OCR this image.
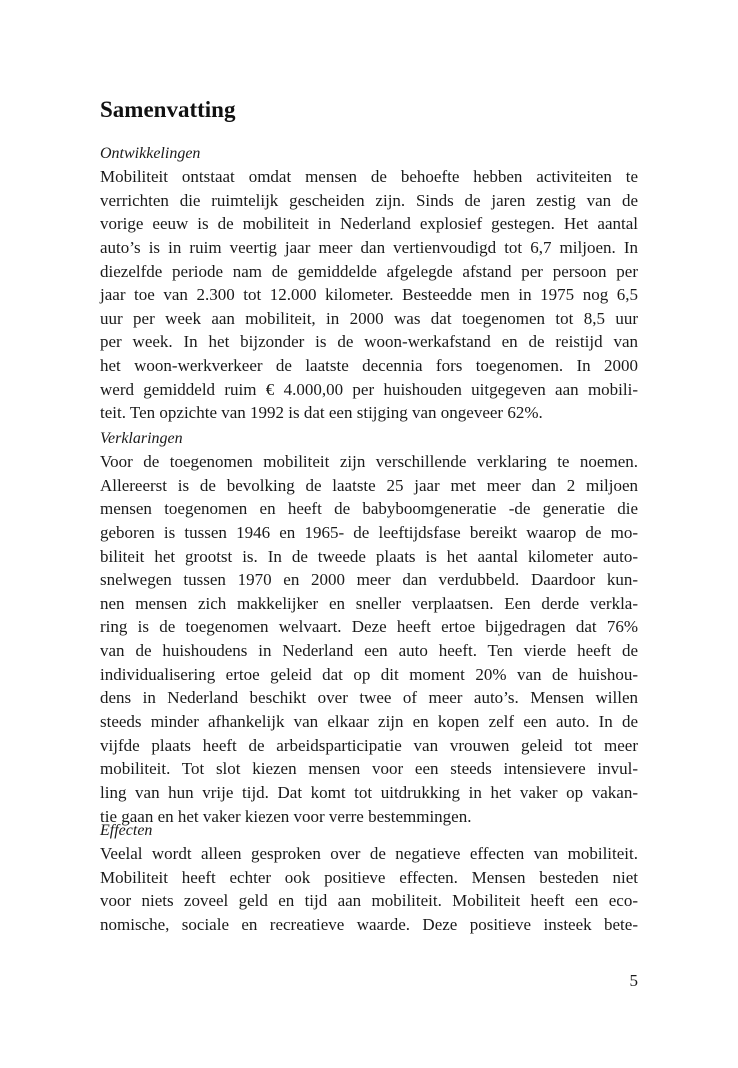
Samenvatting
Ontwikkelingen
Mobiliteit ontstaat omdat mensen de behoefte hebben activiteiten te
verrichten die ruimtelijk gescheiden zijn. Sinds de jaren zestig van de
vorige eeuw is de mobiliteit in Nederland explosief gestegen. Het aantal
auto’s is in ruim veertig jaar meer dan vertienvoudigd tot 6,7 miljoen. In
diezelfde periode nam de gemiddelde afgelegde afstand per persoon per
jaar toe van 2.300 tot 12.000 kilometer. Besteedde men in 1975 nog 6,5
uur per week aan mobiliteit, in 2000 was dat toegenomen tot 8,5 uur
per week. In het bijzonder is de woon-werkafstand en de reistijd van
het woon-werkverkeer de laatste decennia fors toegenomen. In 2000
werd gemiddeld ruim € 4.000,00 per huishouden uitgegeven aan mobili-
teit. Ten opzichte van 1992 is dat een stijging van ongeveer 62%.
Verklaringen
Voor de toegenomen mobiliteit zijn verschillende verklaring te noemen.
Allereerst is de bevolking de laatste 25 jaar met meer dan 2 miljoen
mensen toegenomen en heeft de babyboomgeneratie -de generatie die
geboren is tussen 1946 en 1965- de leeftijdsfase bereikt waarop de mo-
biliteit het grootst is. In de tweede plaats is het aantal kilometer auto-
snelwegen tussen 1970 en 2000 meer dan verdubbeld. Daardoor kun-
nen mensen zich makkelijker en sneller verplaatsen. Een derde verkla-
ring is de toegenomen welvaart. Deze heeft ertoe bijgedragen dat 76%
van de huishoudens in Nederland een auto heeft. Ten vierde heeft de
individualisering ertoe geleid dat op dit moment 20% van de huishou-
dens in Nederland beschikt over twee of meer auto’s. Mensen willen
steeds minder afhankelijk van elkaar zijn en kopen zelf een auto. In de
vijfde plaats heeft de arbeidsparticipatie van vrouwen geleid tot meer
mobiliteit. Tot slot kiezen mensen voor een steeds intensievere invul-
ling van hun vrije tijd. Dat komt tot uitdrukking in het vaker op vakan-
tie gaan en het vaker kiezen voor verre bestemmingen.
Effecten
Veelal wordt alleen gesproken over de negatieve effecten van mobiliteit.
Mobiliteit heeft echter ook positieve effecten. Mensen besteden niet
voor niets zoveel geld en tijd aan mobiliteit. Mobiliteit heeft een eco-
nomische, sociale en recreatieve waarde. Deze positieve insteek bete-
5
